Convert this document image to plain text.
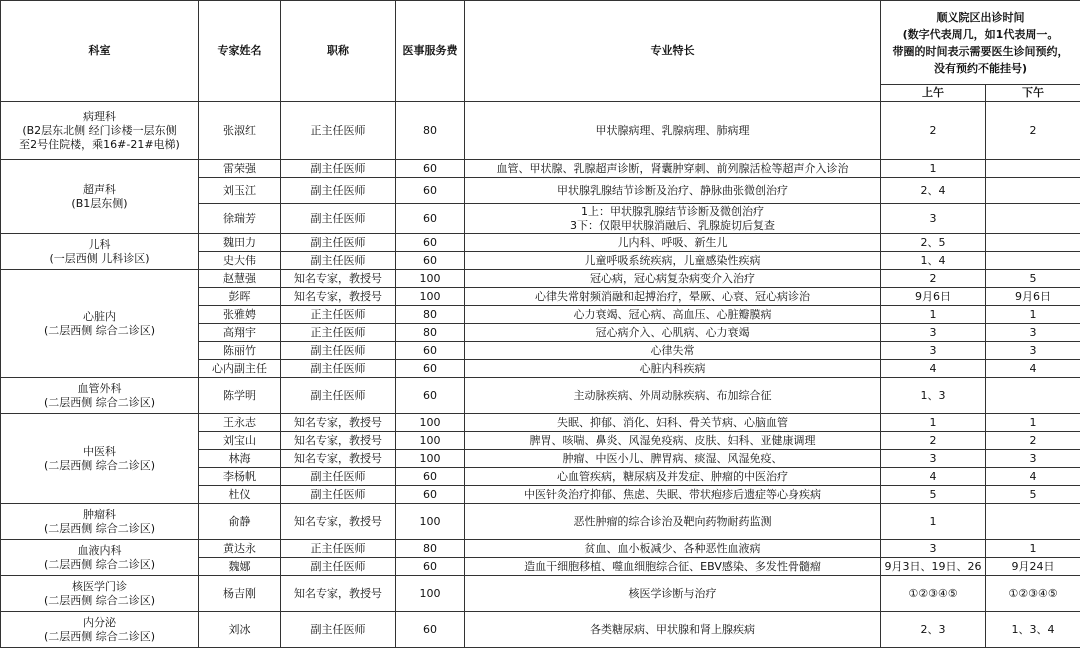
科室	专家姓名	职称	医事服务费	专业特长	顺义院区出诊时间
(数字代表周几，如1代表周一。
带圈的时间表示需要医生诊间预约，
没有预约不能挂号)	
					上午	下午

病理科
(B2层东北侧 经门诊楼一层东侧
至2号住院楼，乘16#-21#电梯)	张淑红	正主任医师	80	甲状腺病理、乳腺病理、肺病理	2	2

超声科
(B1层东侧)	雷荣强	副主任医师	60	血管、甲状腺、乳腺超声诊断，肾囊肿穿刺、前列腺活检等超声介入诊治	1	
	刘玉江	副主任医师	60	甲状腺乳腺结节诊断及治疗、静脉曲张微创治疗	2、4	
	徐瑞芳	副主任医师	60	1上：甲状腺乳腺结节诊断及微创治疗
3下：仅限甲状腺消融后、乳腺旋切后复查	3	

儿科
(一层西侧 儿科诊区)	魏田力	副主任医师	60	儿内科、呼吸、新生儿	2、5	
	史大伟	副主任医师	60	儿童呼吸系统疾病，儿童感染性疾病	1、4	

心脏内
(二层西侧 综合二诊区)	赵慧强	知名专家，教授号	100	冠心病，冠心病复杂病变介入治疗	2	5
	彭晖	知名专家，教授号	100	心律失常射频消融和起搏治疗，晕厥、心衰、冠心病诊治	9月6日	9月6日
	张雅娉	正主任医师	80	心力衰竭、冠心病、高血压、心脏瓣膜病	1	1
	高翔宇	正主任医师	80	冠心病介入、心肌病、心力衰竭	3	3
	陈丽竹	副主任医师	60	心律失常	3	3
	心内副主任	副主任医师	60	心脏内科疾病	4	4

血管外科
(二层西侧 综合二诊区)	陈学明	副主任医师	60	主动脉疾病、外周动脉疾病、布加综合征	1、3	

中医科
(二层西侧 综合二诊区)	王永志	知名专家，教授号	100	失眠、抑郁、消化、妇科、骨关节病、心脑血管	1	1
	刘宝山	知名专家，教授号	100	脾胃、咳喘、鼻炎、风湿免疫病、皮肤、妇科、亚健康调理	2	2
	林海	知名专家，教授号	100	肿瘤、中医小儿、脾胃病、痰湿、风湿免疫、	3	3
	李杨帆	副主任医师	60	心血管疾病，糖尿病及并发症、肿瘤的中医治疗	4	4
	杜仪	副主任医师	60	中医针灸治疗抑郁、焦虑、失眠、带状疱疹后遗症等心身疾病	5	5

肿瘤科
(二层西侧 综合二诊区)	俞静	知名专家，教授号	100	恶性肿瘤的综合诊治及靶向药物耐药监测	1	

血液内科
(二层西侧 综合二诊区)	黄达永	正主任医师	80	贫血、血小板减少、各种恶性血液病	3	1
	魏娜	副主任医师	60	造血干细胞移植、噬血细胞综合征、EBV感染、多发性骨髓瘤	9月3日、19日、26	9月24日

核医学门诊
(二层西侧 综合二诊区)	杨吉刚	知名专家，教授号	100	核医学诊断与治疗	①②③④⑤	①②③④⑤

内分泌
(二层西侧 综合二诊区)	刘冰	副主任医师	60	各类糖尿病、甲状腺和肾上腺疾病	2、3	1、3、4
